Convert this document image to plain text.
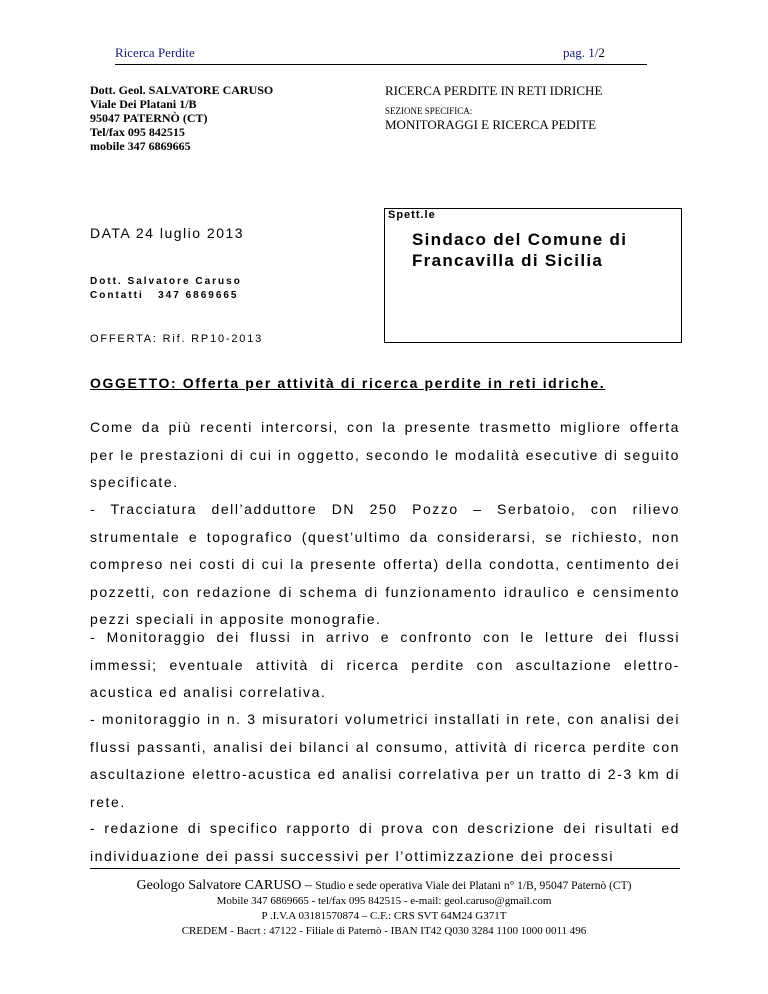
Ricerca Perdite	pag. 1/2
Dott. Geol. SALVATORE CARUSO
Viale Dei Platani 1/B
95047 PATERNÒ (CT)
Tel/fax 095 842515
mobile 347 6869665
RICERCA PERDITE IN RETI IDRICHE
SEZIONE SPECIFICA:
MONITORAGGI E RICERCA PEDITE
DATA 24 luglio 2013
Dott. Salvatore Caruso
Contatti   347 6869665
OFFERTA: Rif. RP10-2013
Spett.le
Sindaco del Comune di
Francavilla di Sicilia
OGGETTO: Offerta per attività di ricerca perdite in reti idriche.
Come da più recenti intercorsi, con la presente trasmetto migliore offerta per le prestazioni di cui in oggetto, secondo le modalità esecutive di seguito specificate.
- Tracciatura dell’adduttore DN 250 Pozzo – Serbatoio, con rilievo strumentale e topografico (quest’ultimo da considerarsi, se richiesto, non compreso nei costi di cui la presente offerta) della condotta, centimento dei pozzetti, con redazione di schema di funzionamento idraulico e censimento pezzi speciali in apposite monografie.
- Monitoraggio dei flussi in arrivo e confronto con le letture dei flussi immessi; eventuale attività di ricerca perdite con ascultazione elettro-acustica ed analisi correlativa.
- monitoraggio in n. 3 misuratori volumetrici installati in rete, con analisi dei flussi passanti, analisi dei bilanci al consumo, attività di ricerca perdite con ascultazione elettro-acustica ed analisi correlativa per un tratto di 2-3 km di rete.
- redazione di specifico rapporto di prova con descrizione dei risultati ed individuazione dei passi successivi per l’ottimizzazione dei processi
Geologo Salvatore CARUSO – Studio e sede operativa Viale dei Platani n° 1/B, 95047 Paternò (CT)
Mobile 347 6869665 - tel/fax 095 842515 - e-mail: geol.caruso@gmail.com
P .I.V.A 03181570874 – C.F.: CRS SVT 64M24 G371T
CREDEM - Bacrt : 47122 - Filiale di Paternò - IBAN IT42 Q030 3284 1100 1000 0011 496
